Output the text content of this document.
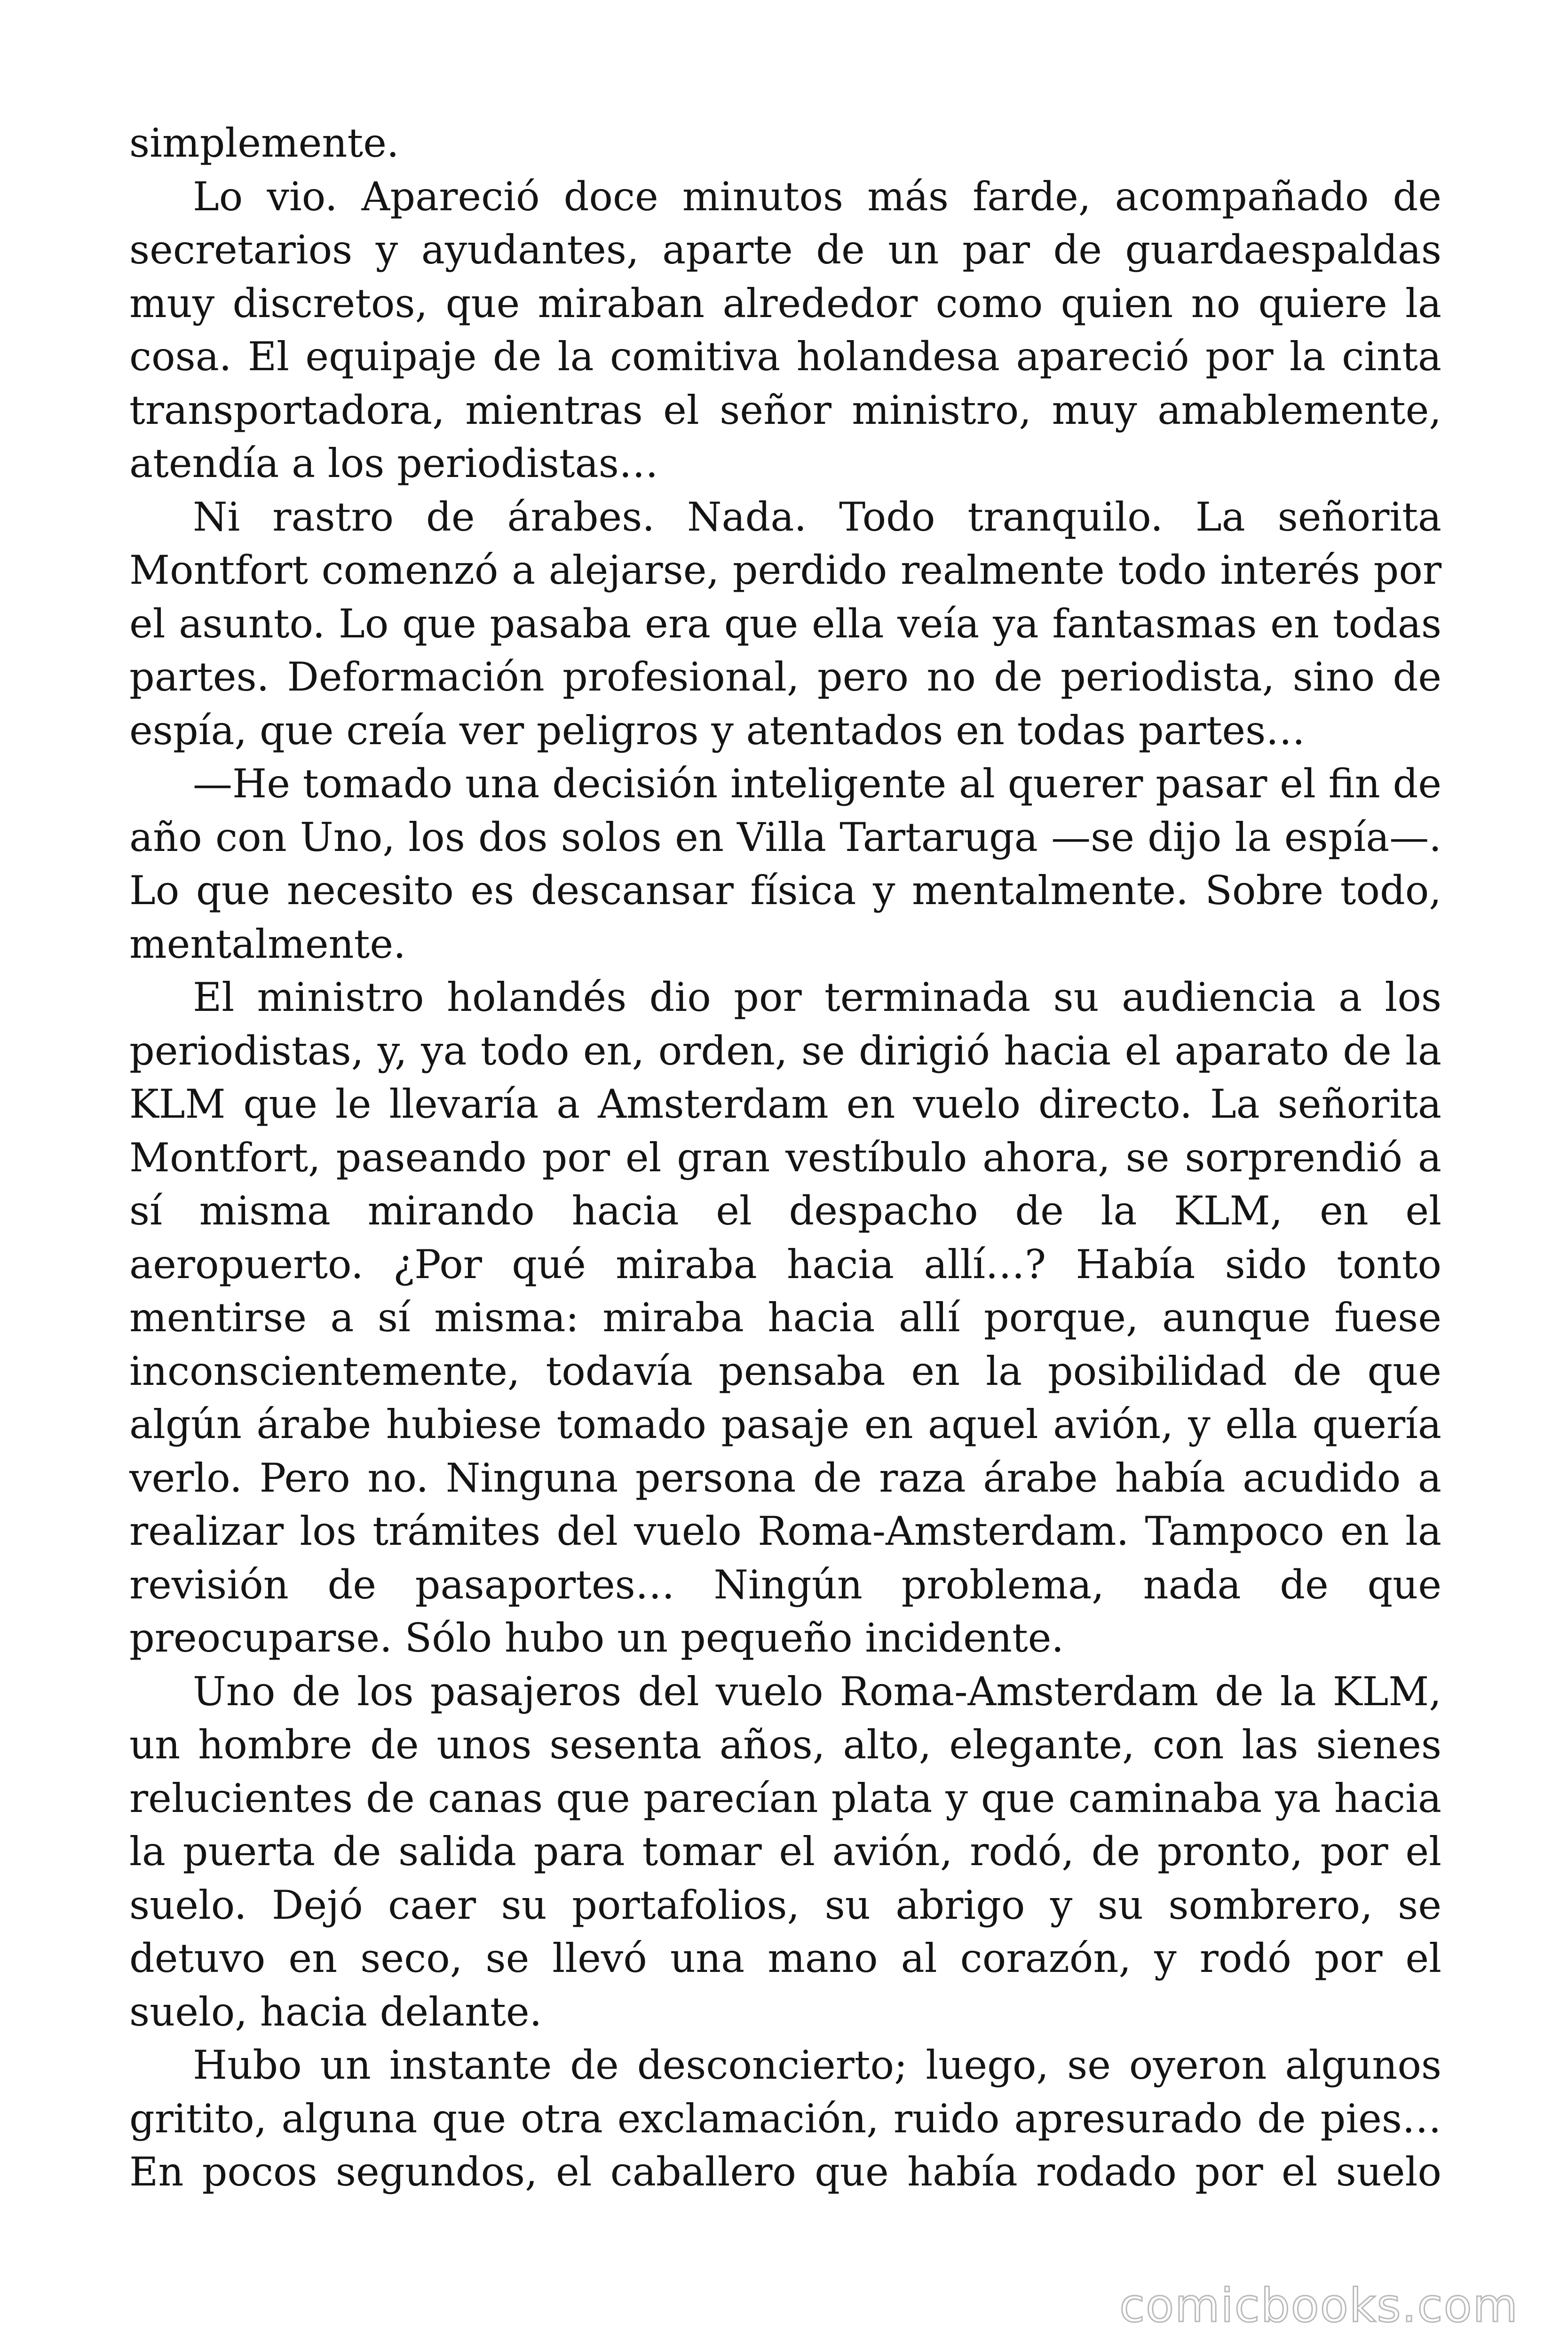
simplemente.

Lo vio. Apareció doce minutos más farde, acompañado de secretarios y ayudantes, aparte de un par de guardaespaldas muy discretos, que miraban alrededor como quien no quiere la cosa. El equipaje de la comitiva holandesa apareció por la cinta transportadora, mientras el señor ministro, muy amablemente, atendía a los periodistas…

Ni rastro de árabes. Nada. Todo tranquilo. La señorita Montfort comenzó a alejarse, perdido realmente todo interés por el asunto. Lo que pasaba era que ella veía ya fantasmas en todas partes. Deformación profesional, pero no de periodista, sino de espía, que creía ver peligros y atentados en todas partes…

—He tomado una decisión inteligente al querer pasar el fin de año con Uno, los dos solos en Villa Tartaruga —se dijo la espía—. Lo que necesito es descansar física y mentalmente. Sobre todo, mentalmente.

El ministro holandés dio por terminada su audiencia a los periodistas, y, ya todo en, orden, se dirigió hacia el aparato de la KLM que le llevaría a Amsterdam en vuelo directo. La señorita Montfort, paseando por el gran vestíbulo ahora, se sorprendió a sí misma mirando hacia el despacho de la KLM, en el aeropuerto. ¿Por qué miraba hacia allí…? Había sido tonto mentirse a sí misma: miraba hacia allí porque, aunque fuese inconscientemente, todavía pensaba en la posibilidad de que algún árabe hubiese tomado pasaje en aquel avión, y ella quería verlo. Pero no. Ninguna persona de raza árabe había acudido a realizar los trámites del vuelo Roma-Amsterdam. Tampoco en la revisión de pasaportes… Ningún problema, nada de que preocuparse. Sólo hubo un pequeño incidente.

Uno de los pasajeros del vuelo Roma-Amsterdam de la KLM, un hombre de unos sesenta años, alto, elegante, con las sienes relucientes de canas que parecían plata y que caminaba ya hacia la puerta de salida para tomar el avión, rodó, de pronto, por el suelo. Dejó caer su portafolios, su abrigo y su sombrero, se detuvo en seco, se llevó una mano al corazón, y rodó por el suelo, hacia delante.

Hubo un instante de desconcierto; luego, se oyeron algunos gritito, alguna que otra exclamación, ruido apresurado de pies… En pocos segundos, el caballero que había rodado por el suelo

comicbooks.com
